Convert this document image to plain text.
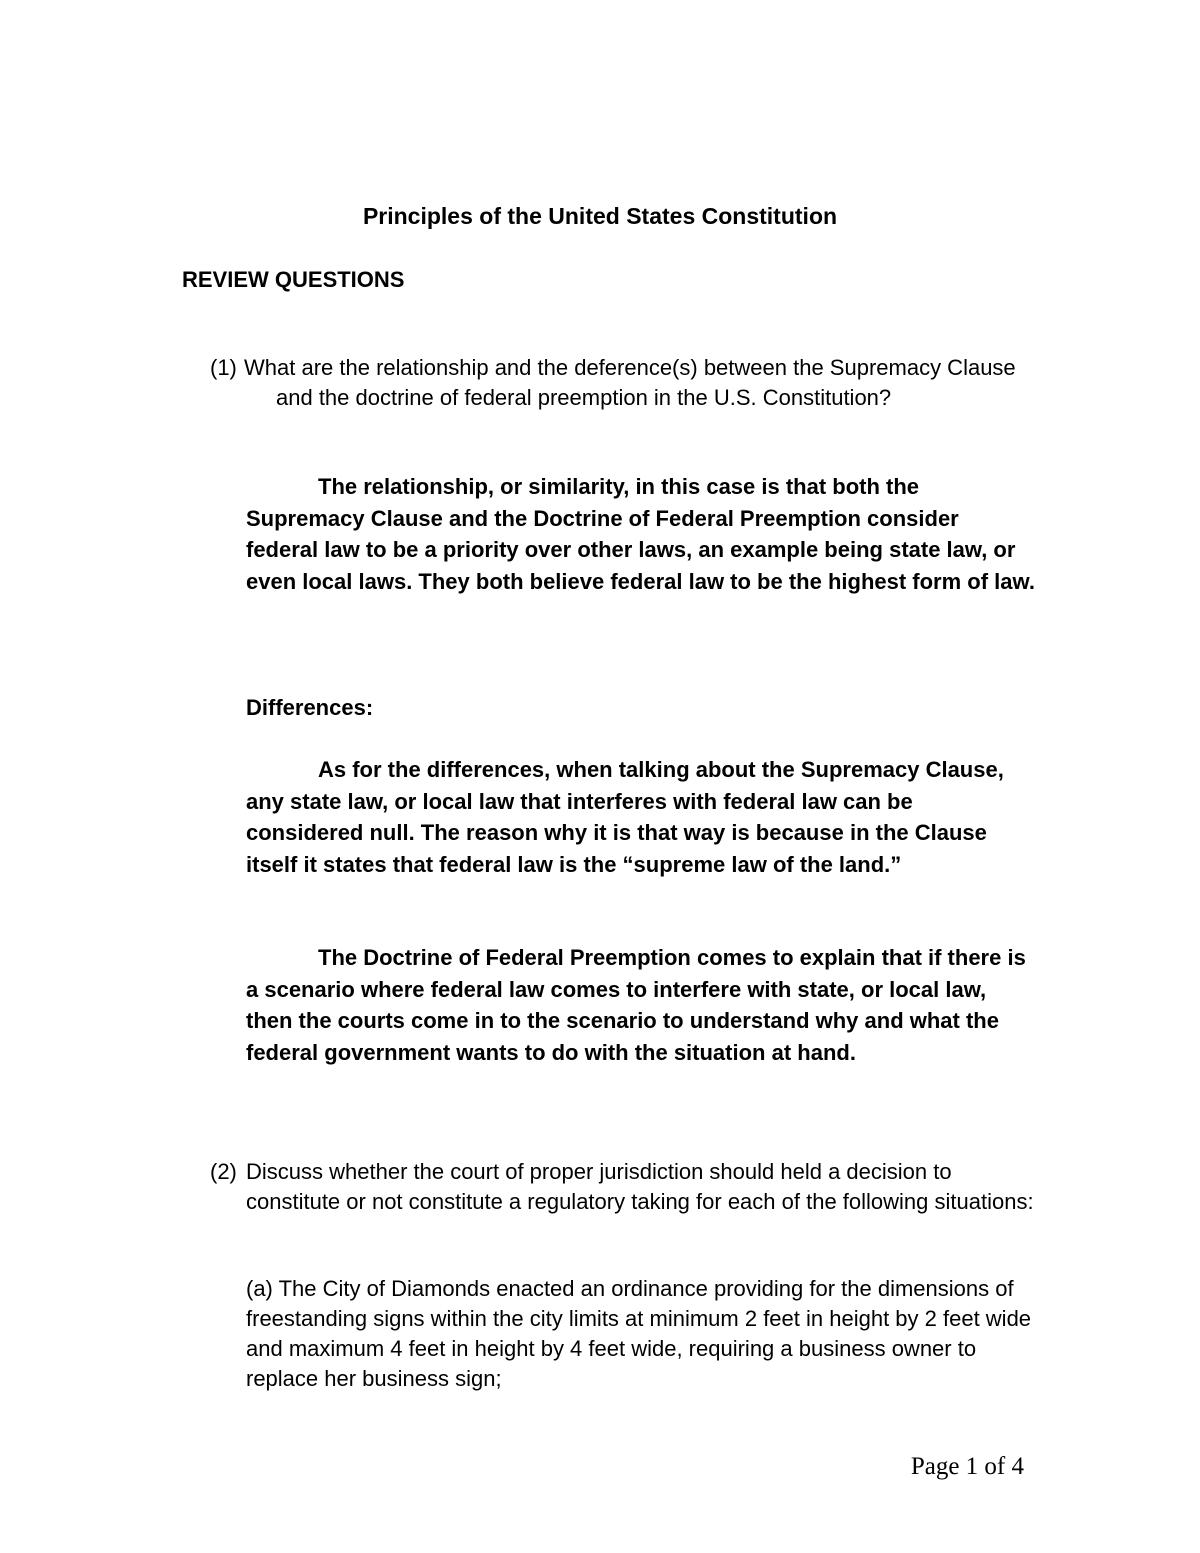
Principles of the United States Constitution
REVIEW QUESTIONS
(1) What are the relationship and the deference(s) between the Supremacy Clause and the doctrine of federal preemption in the U.S. Constitution?
The relationship, or similarity, in this case is that both the Supremacy Clause and the Doctrine of Federal Preemption consider federal law to be a priority over other laws, an example being state law, or even local laws. They both believe federal law to be the highest form of law.
Differences:
As for the differences, when talking about the Supremacy Clause, any state law, or local law that interferes with federal law can be considered null. The reason why it is that way is because in the Clause itself it states that federal law is the “supreme law of the land.”
The Doctrine of Federal Preemption comes to explain that if there is a scenario where federal law comes to interfere with state, or local law, then the courts come in to the scenario to understand why and what the federal government wants to do with the situation at hand.
(2) Discuss whether the court of proper jurisdiction should held a decision to constitute or not constitute a regulatory taking for each of the following situations:
(a) The City of Diamonds enacted an ordinance providing for the dimensions of freestanding signs within the city limits at minimum 2 feet in height by 2 feet wide and maximum 4 feet in height by 4 feet wide, requiring a business owner to replace her business sign;
Page 1 of 4
